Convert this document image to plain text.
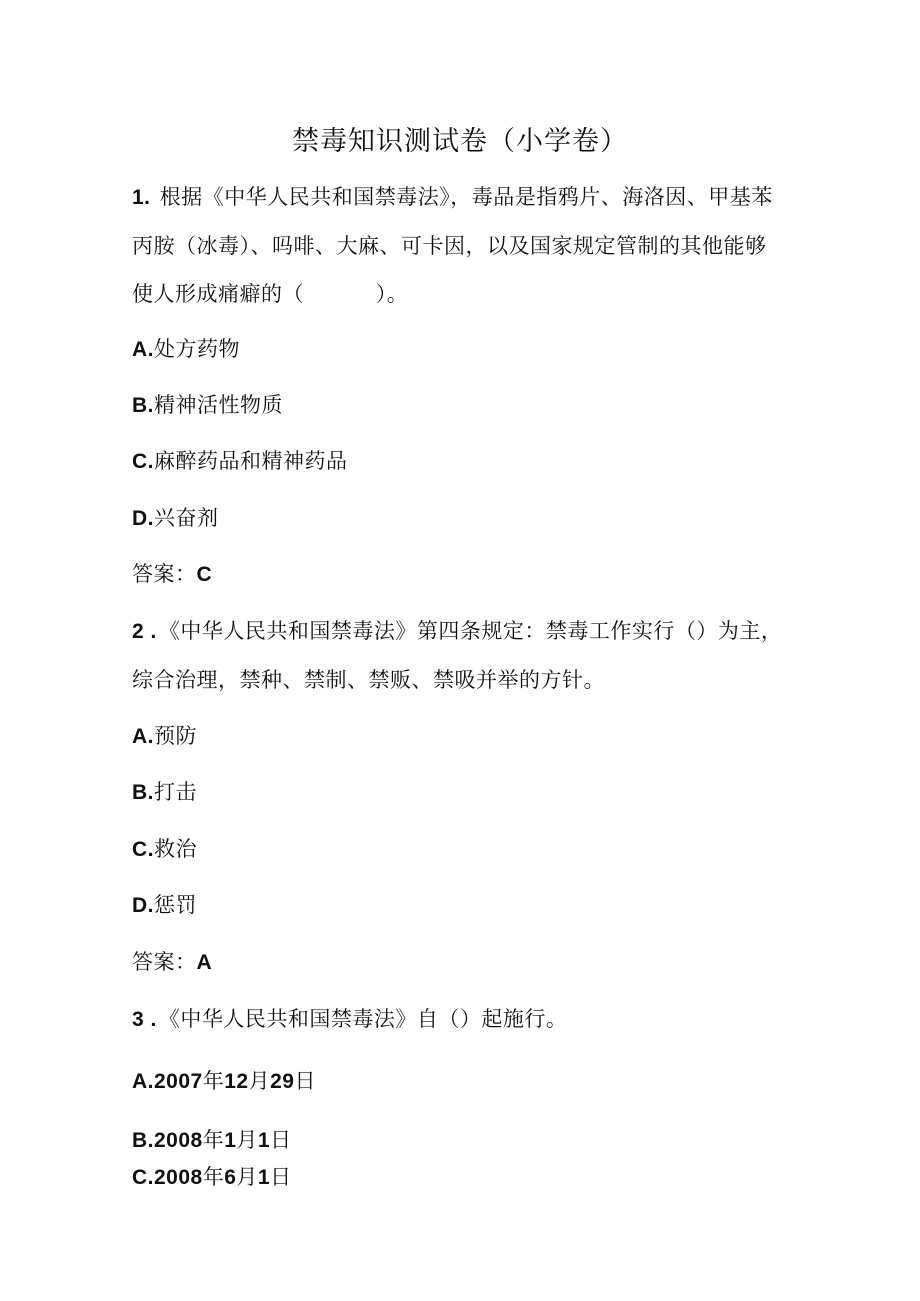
禁毒知识测试卷（小学卷）
1. 根据《中华人民共和国禁毒法》，毒品是指鸦片、海洛因、甲基苯
丙胺（冰毒）、吗啡、大麻、可卡因，以及国家规定管制的其他能够
使人形成痛癖的（          ）。
A.处方药物
B.精神活性物质
C.麻醉药品和精神药品
D.兴奋剂
答案：C
2 .《中华人民共和国禁毒法》第四条规定：禁毒工作实行（）为主，
综合治理，禁种、禁制、禁贩、禁吸并举的方针。
A.预防
B.打击
C.救治
D.惩罚
答案：A
3 .《中华人民共和国禁毒法》自（）起施行。
A.2007年12月29日
B.2008年1月1日
C.2008年6月1日
